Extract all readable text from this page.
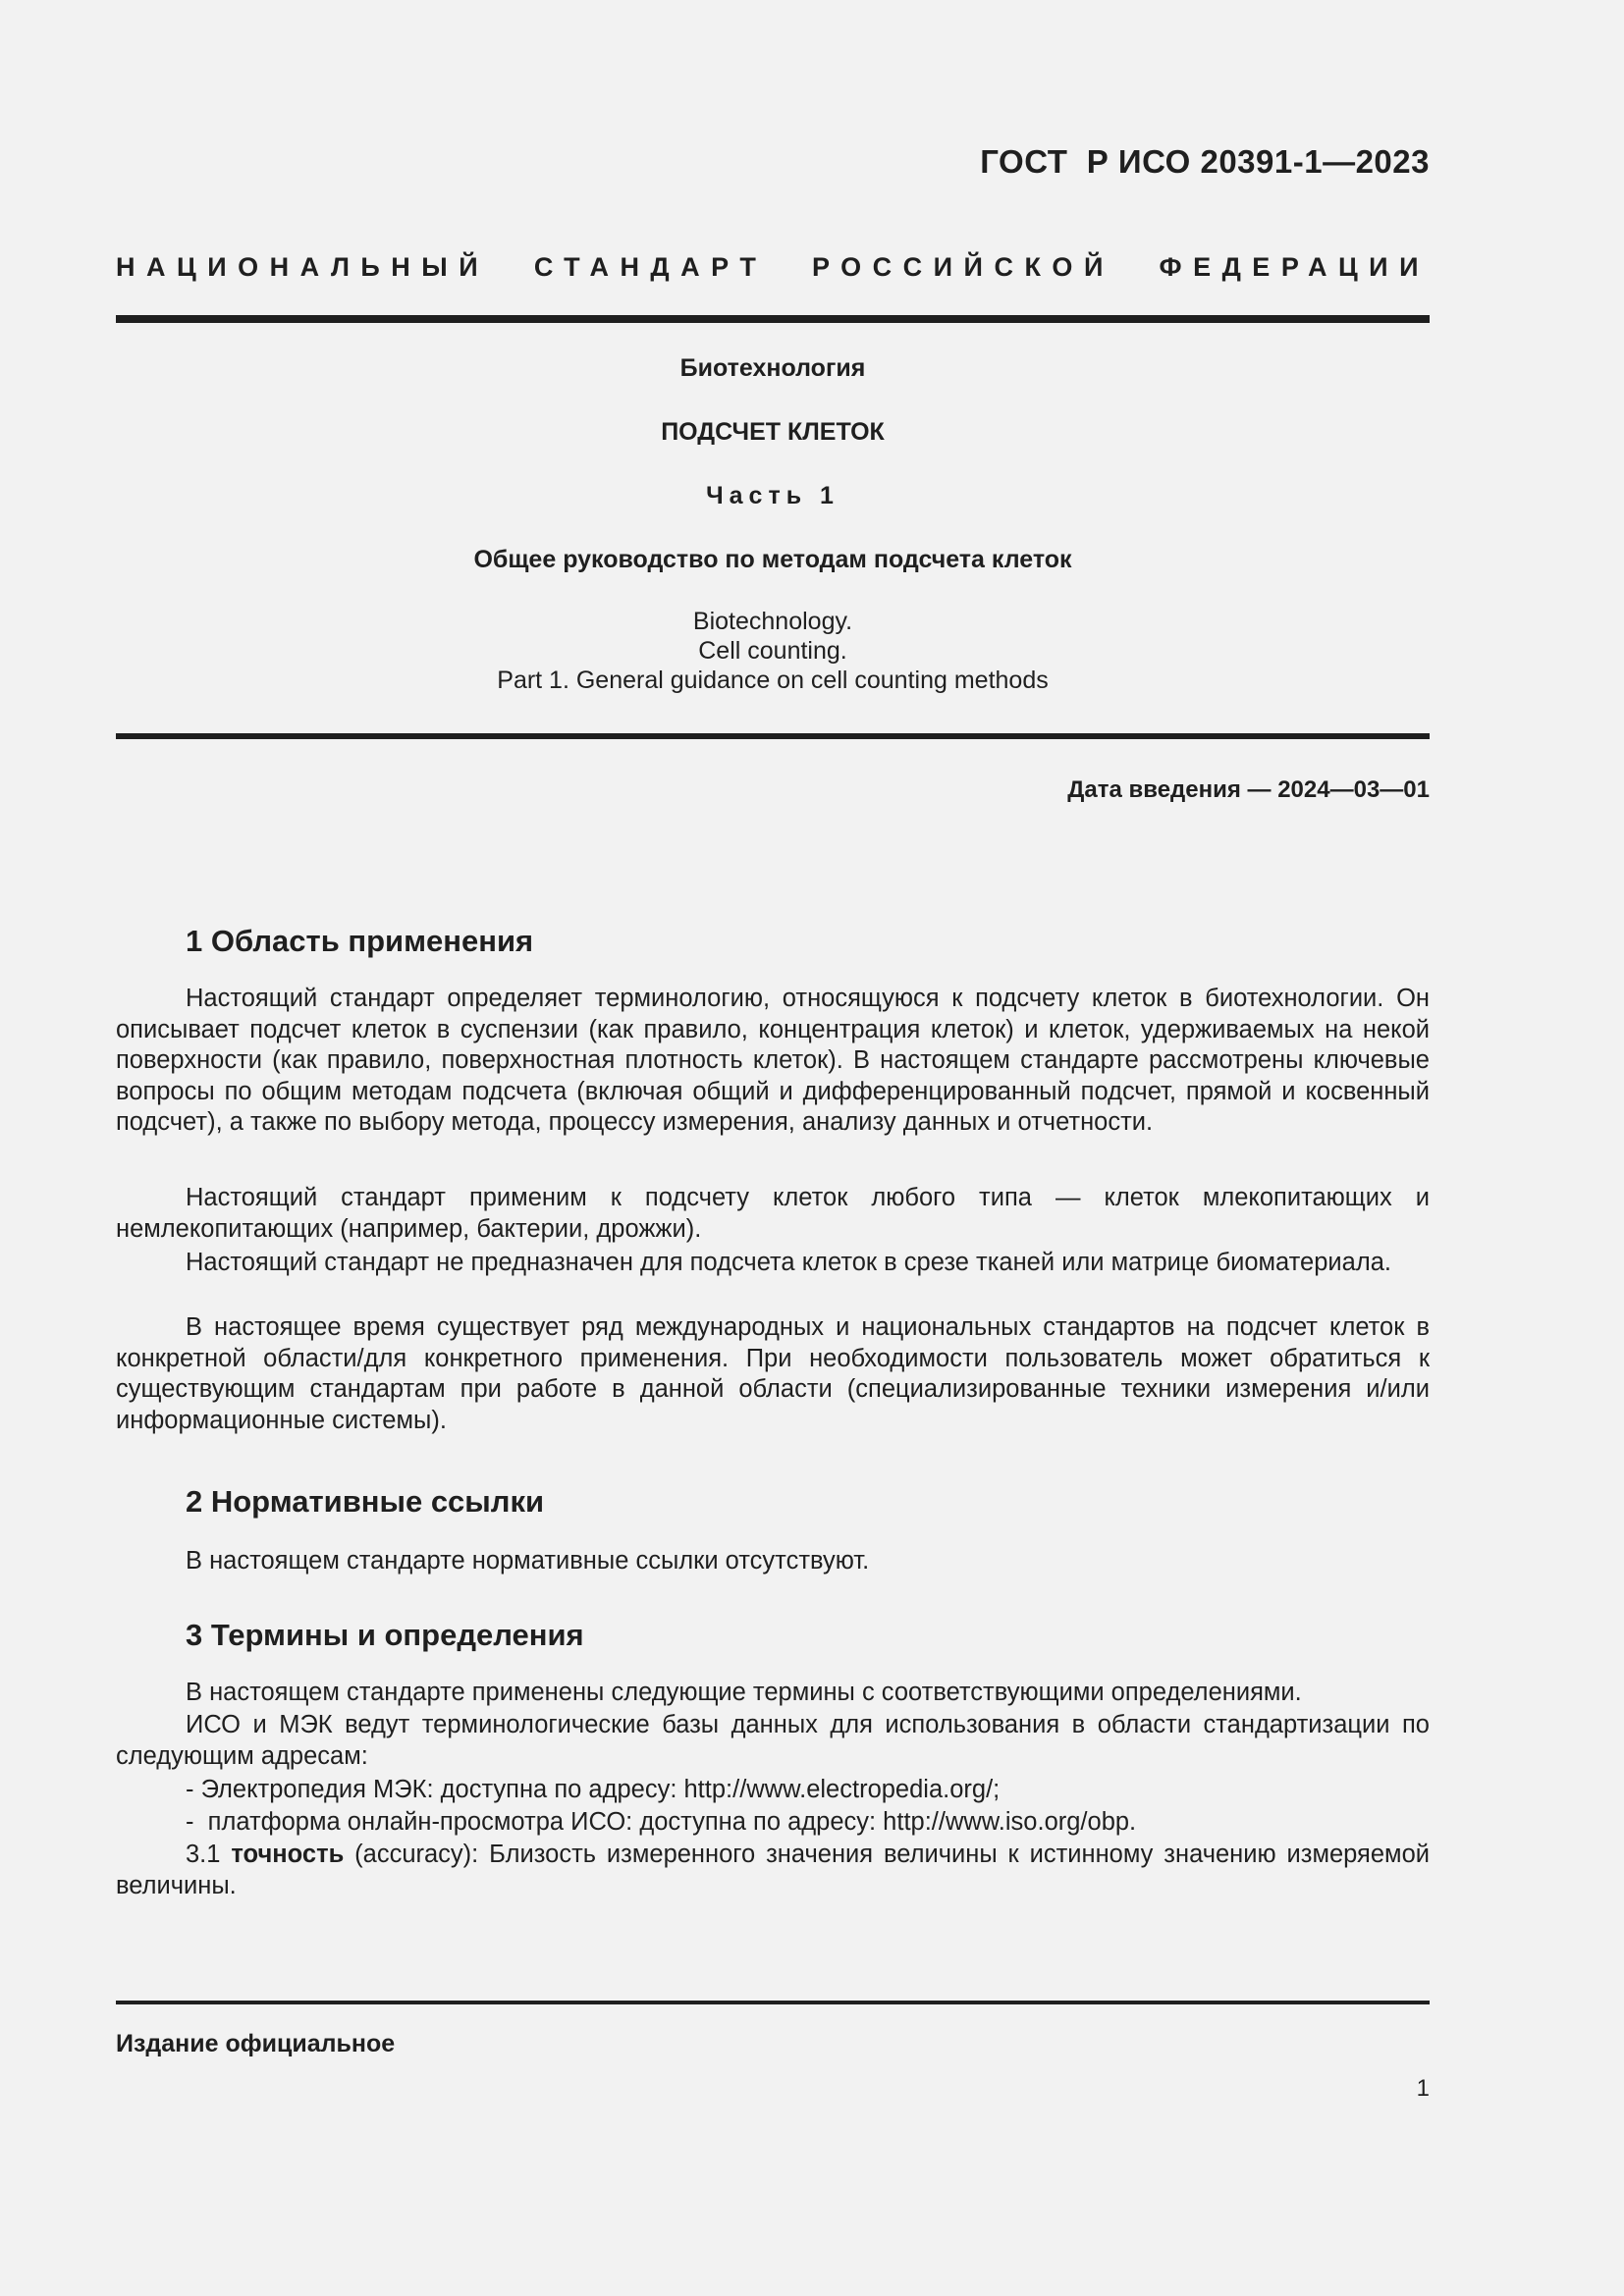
ГОСТ  Р ИСО 20391-1—2023
НАЦИОНАЛЬНЫЙ СТАНДАРТ РОССИЙСКОЙ ФЕДЕРАЦИИ
Биотехнология
ПОДСЧЕТ КЛЕТОК
Часть 1
Общее руководство по методам подсчета клеток
Biotechnology.
Cell counting.
Part 1. General guidance on cell counting methods
Дата введения — 2024—03—01
1 Область применения

Настоящий стандарт определяет терминологию, относящуюся к подсчету клеток в биотехнологии. Он описывает подсчет клеток в суспензии (как правило, концентрация клеток) и клеток, удерживаемых на некой поверхности (как правило, поверхностная плотность клеток). В настоящем стандарте рассмотрены ключевые вопросы по общим методам подсчета (включая общий и дифференцированный подсчет, прямой и косвенный подсчет), а также по выбору метода, процессу измерения, анализу данных и отчетности.

Настоящий стандарт применим к подсчету клеток любого типа — клеток млекопитающих и немлекопитающих (например, бактерии, дрожжи).

Настоящий стандарт не предназначен для подсчета клеток в срезе тканей или матрице биоматериала.

В настоящее время существует ряд международных и национальных стандартов на подсчет клеток в конкретной области/для конкретного применения. При необходимости пользователь может обратиться к существующим стандартам при работе в данной области (специализированные техники измерения и/или информационные системы).

2 Нормативные ссылки

В настоящем стандарте нормативные ссылки отсутствуют.

3 Термины и определения

В настоящем стандарте применены следующие термины с соответствующими определениями.

ИСО и МЭК ведут терминологические базы данных для использования в области стандартизации по следующим адресам:

- Электропедия МЭК: доступна по адресу: http://www.electropedia.org/;
-  платформа онлайн-просмотра ИСО: доступна по адресу: http://www.iso.org/obp.

3.1 точность (accuracy): Близость измеренного значения величины к истинному значению измеряемой величины.

Издание официальное
1
